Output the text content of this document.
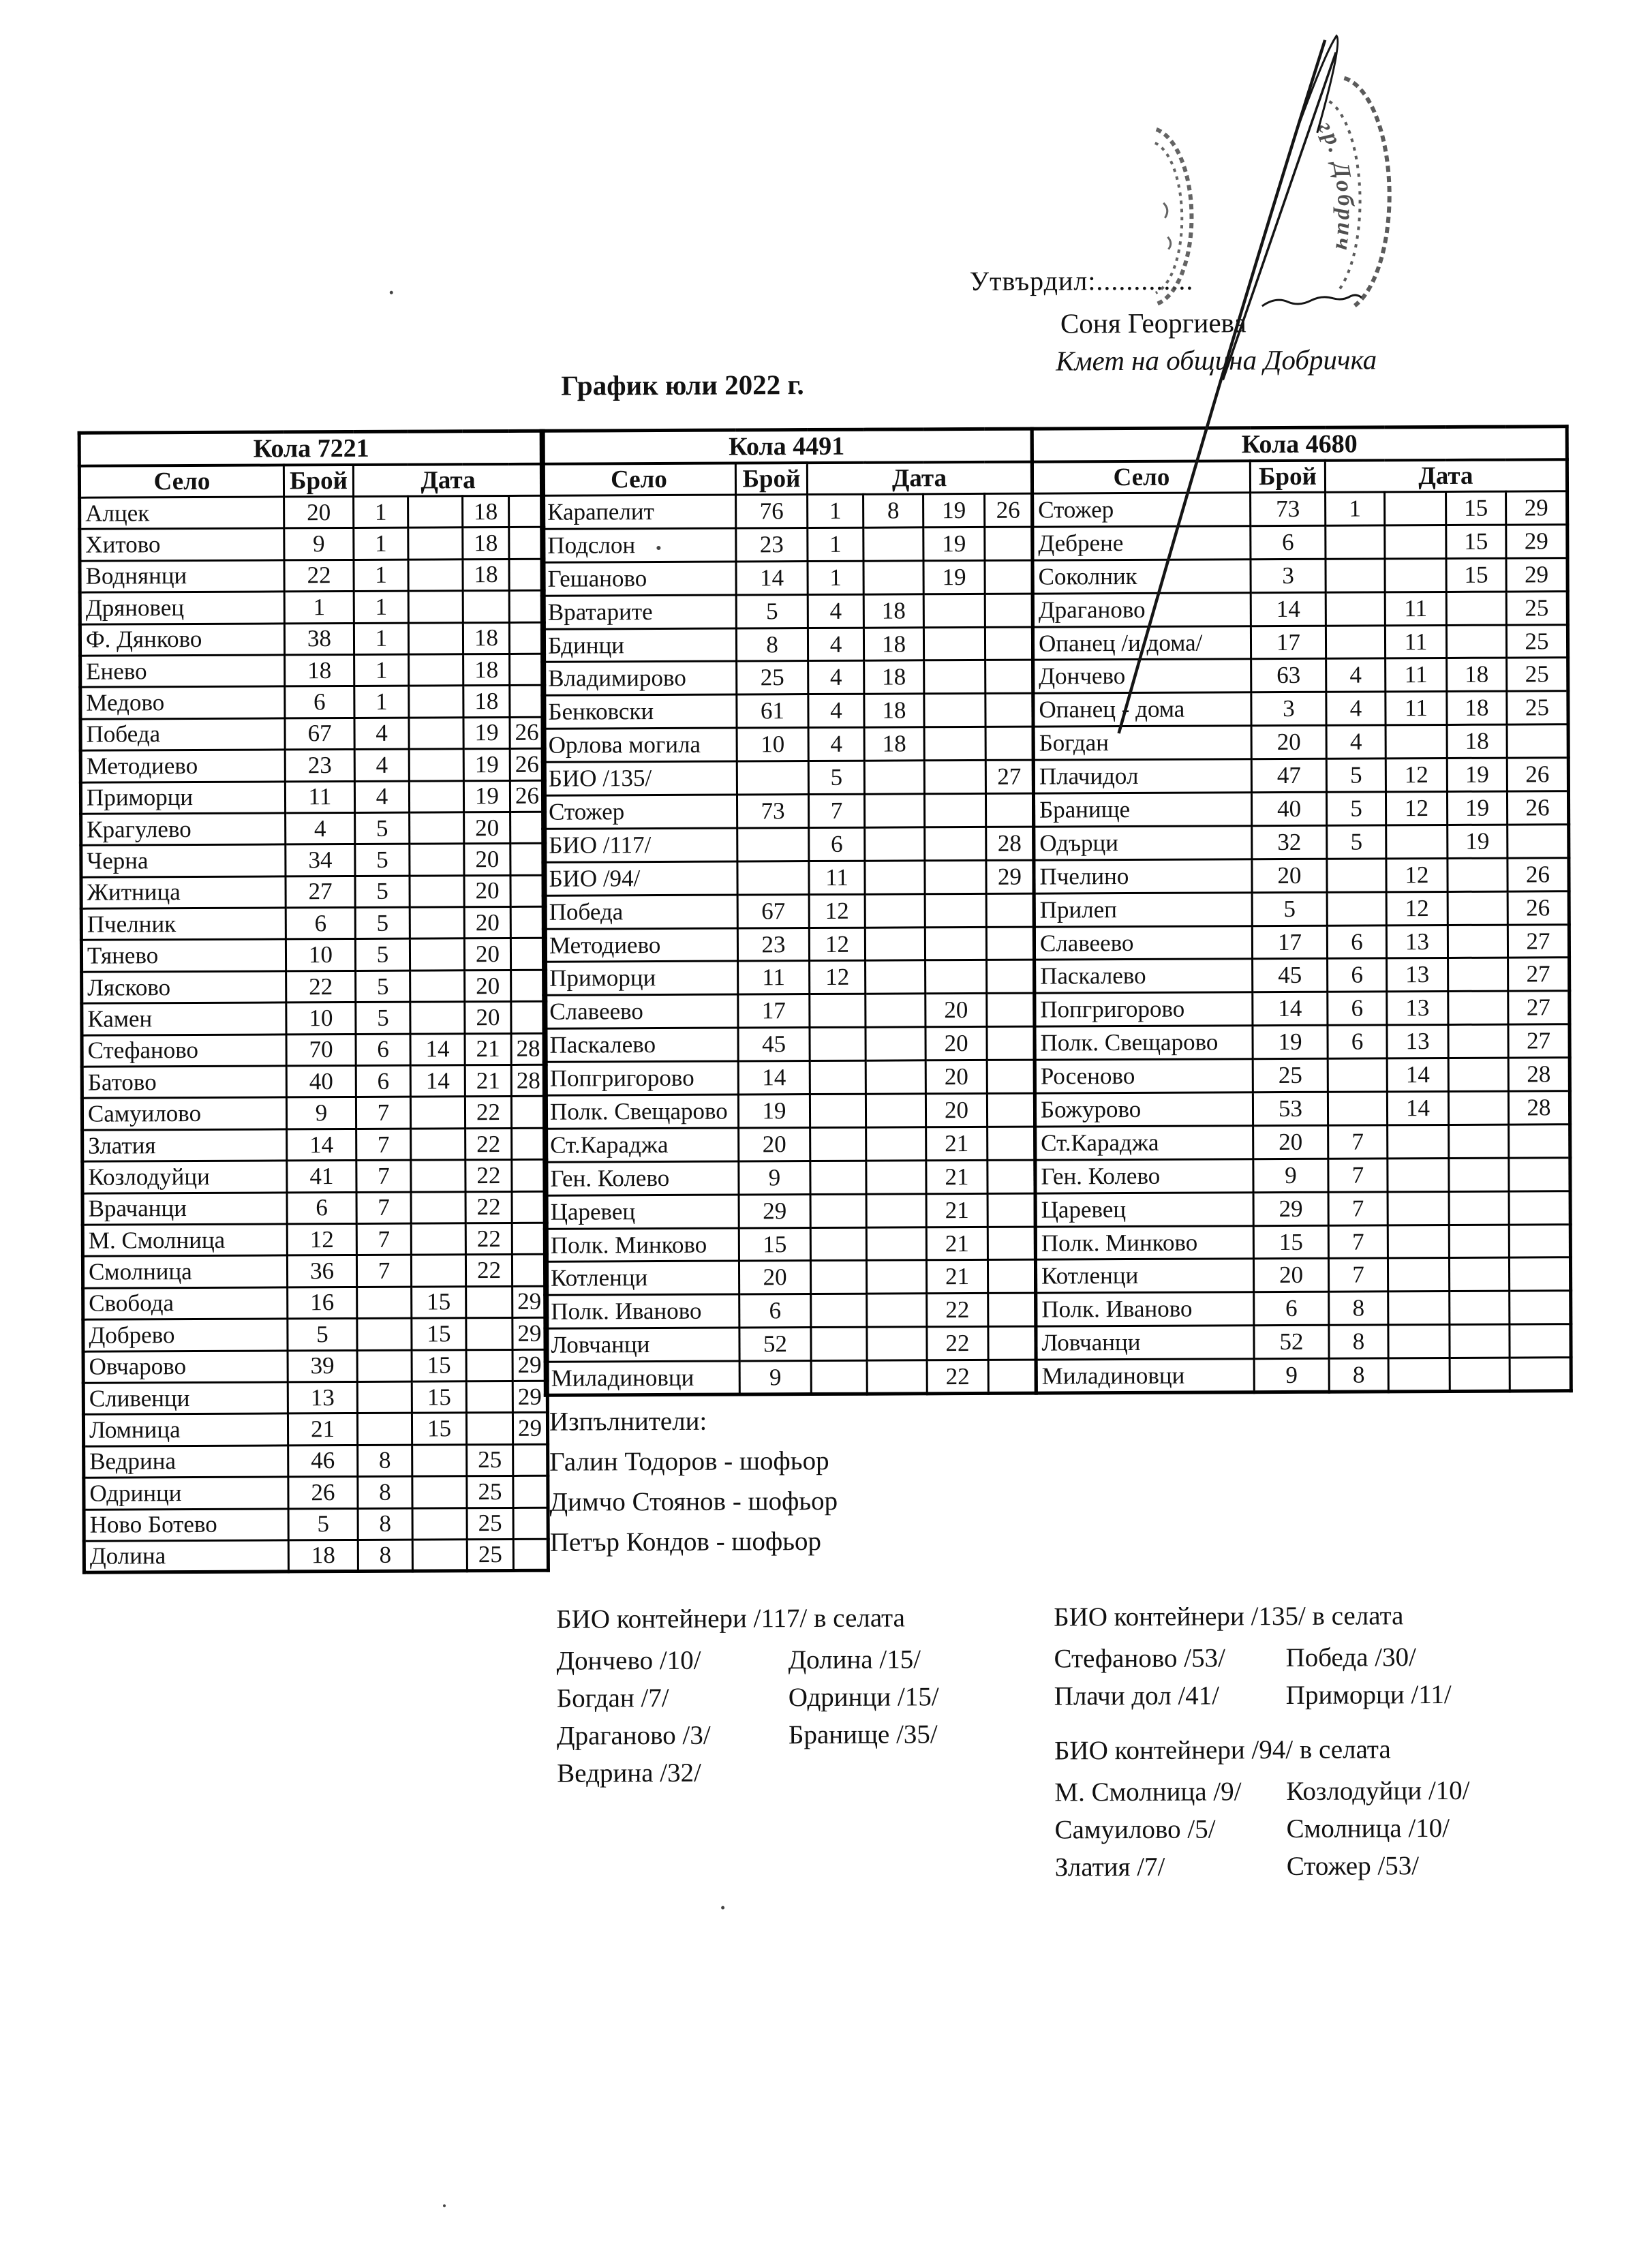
Утвърдил:.............
Соня Георгиева
Кмет на община Добричка
График юли 2022 г.
Кола 7221					
Село	Брой	Дата			
Алцек	20	1		18	
Хитово	9	1		18	
Воднянци	22	1		18	
Дряновец	1	1			
Ф. Дянково	38	1		18	
Енево	18	1		18	
Медово	6	1		18	
Победа	67	4		19	26
Методиево	23	4		19	26
Приморци	11	4		19	26
Крагулево	4	5		20	
Черна	34	5		20	
Житница	27	5		20	
Пчелник	6	5		20	
Тянево	10	5		20	
Лясково	22	5		20	
Камен	10	5		20	
Стефаново	70	6	14	21	28
Батово	40	6	14	21	28
Самуилово	9	7		22	
Златия	14	7		22	
Козлодуйци	41	7		22	
Врачанци	6	7		22	
М. Смолница	12	7		22	
Смолница	36	7		22	
Свобода	16		15		29
Добрево	5		15		29
Овчарово	39		15		29
Сливенци	13		15		29
Ломница	21		15		29
Ведрина	46	8		25	
Одринци	26	8		25	
Ново Ботево	5	8		25	
Долина	18	8		25	
Кола 4491					
Село	Брой	Дата			
Карапелит	76	1	8	19	26
Подслон	23	1		19	
Гешаново	14	1		19	
Вратарите	5	4	18		
Бдинци	8	4	18		
Владимирово	25	4	18		
Бенковски	61	4	18		
Орлова могила	10	4	18		
БИО /135/		5			27
Стожер	73	7			
БИО /117/		6			28
БИО /94/		11			29
Победа	67	12			
Методиево	23	12			
Приморци	11	12			
Славеево	17			20	
Паскалево	45			20	
Попгригорово	14			20	
Полк. Свещарово	19			20	
Ст.Караджа	20			21	
Ген. Колево	9			21	
Царевец	29			21	
Полк. Минково	15			21	
Котленци	20			21	
Полк. Иваново	6			22	
Ловчанци	52			22	
Миладиновци	9			22	
Кола 4680					
Село	Брой	Дата			
Стожер	73	1		15	29
Дебрене	6			15	29
Соколник	3			15	29
Драганово	14		11		25
Опанец /и дома/	17		11		25
Дончево	63	4	11	18	25
Опанец - дома	3	4	11	18	25
Богдан	20	4		18	
Плачидол	47	5	12	19	26
Бранище	40	5	12	19	26
Одърци	32	5		19	
Пчелино	20		12		26
Прилеп	5		12		26
Славеево	17	6	13		27
Паскалево	45	6	13		27
Попгригорово	14	6	13		27
Полк. Свещарово	19	6	13		27
Росеново	25		14		28
Божурово	53		14		28
Ст.Караджа	20	7			
Ген. Колево	9	7			
Царевец	29	7			
Полк. Минково	15	7			
Котленци	20	7			
Полк. Иваново	6	8			
Ловчанци	52	8			
Миладиновци	9	8			
Изпълнители:
Галин Тодоров - шофьор
Димчо Стоянов - шофьор
Петър Кондов - шофьор

БИО контейнери /117/ в селата

Дончево /10/	Долина /15/
Богдан /7/	Одринци /15/
Драганово /3/	Бранище /35/
Ведрина /32/

БИО контейнери /135/ в селата

Стефаново /53/	Победа /30/
Плачи дол /41/	Приморци /11/

БИО контейнери /94/ в селата

М. Смолница /9/	Козлодуйци /10/
Самуилово /5/	Смолница /10/
Златия /7/	Стожер /53/
гр. Добрич
